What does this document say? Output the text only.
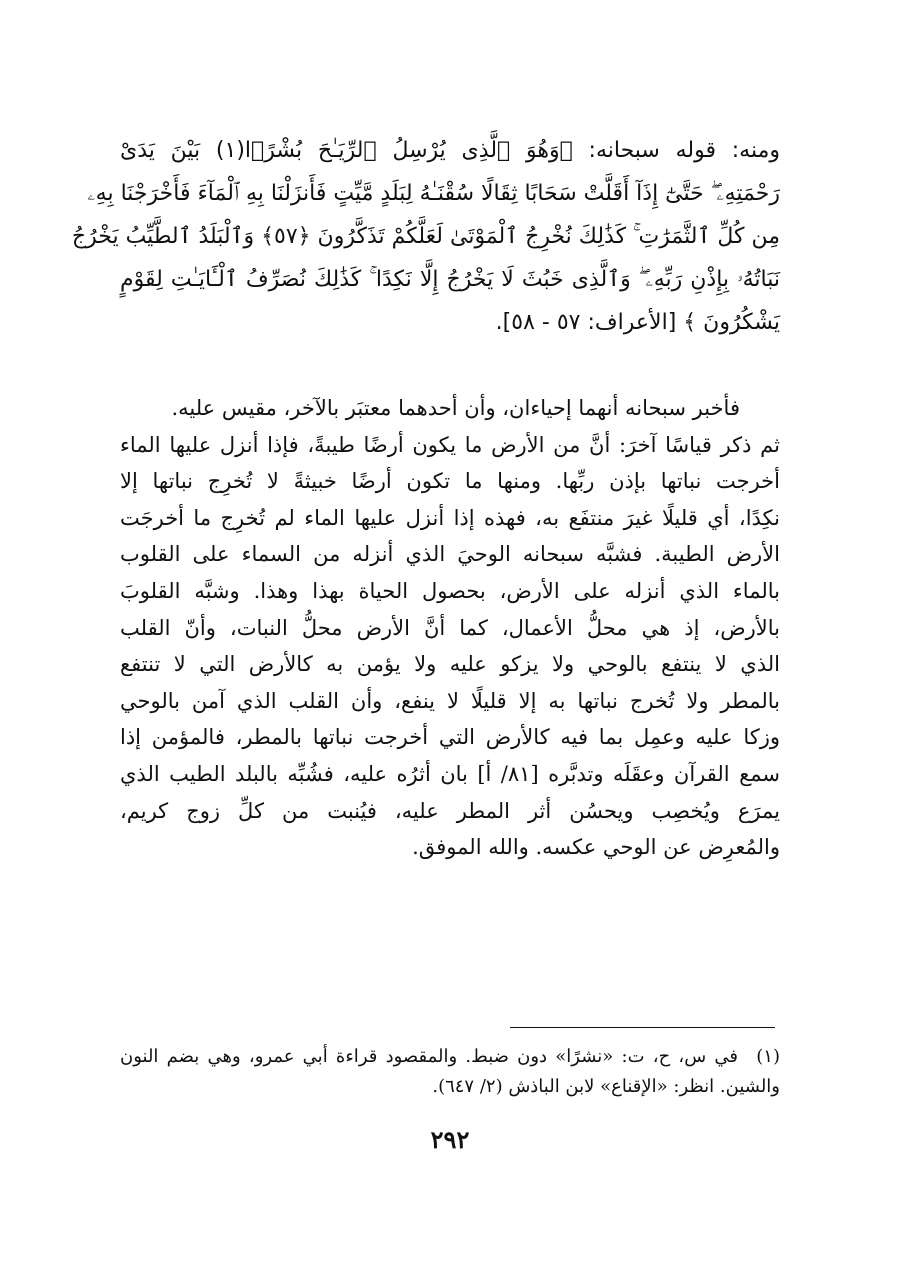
ومنه: قوله سبحانه: ﴿وَهُوَ ٱلَّذِى يُرْسِلُ ٱلرِّيَـٰحَ بُشْرًۢا(١) بَيْنَ يَدَىْ
رَحْمَتِهِۦ ۖ حَتَّىٰٓ إِذَآ أَقَلَّتْ سَحَابًا ثِقَالًا سُقْنَـٰهُ لِبَلَدٍ مَّيِّتٍ فَأَنزَلْنَا بِهِ ٱلْمَآءَ فَأَخْرَجْنَا بِهِۦ
مِن كُلِّ ٱلثَّمَرَٰتِ ۚ كَذَٰلِكَ نُخْرِجُ ٱلْمَوْتَىٰ لَعَلَّكُمْ تَذَكَّرُونَ ﴿٥٧﴾ وَٱلْبَلَدُ ٱلطَّيِّبُ يَخْرُجُ
نَبَاتُهُۥ بِإِذْنِ رَبِّهِۦ ۖ وَٱلَّذِى خَبُثَ لَا يَخْرُجُ إِلَّا نَكِدًا ۚ كَذَٰلِكَ نُصَرِّفُ ٱلْـَٔايَـٰتِ لِقَوْمٍ
يَشْكُرُونَ ﴾ [الأعراف: ٥٧ - ٥٨].
فأخبر سبحانه أنهما إحياءان، وأن أحدهما معتبَر بالآخر، مقيس عليه.
ثم ذكر قياسًا آخرَ: أنَّ من الأرض ما يكون أرضًا طيبةً، فإذا أنزل عليها الماء
أخرجت نباتها بإذن ربِّها. ومنها ما تكون أرضًا خبيثةً لا تُخرِج نباتها إلا
نكِدًا، أي قليلًا غيرَ منتفَع به، فهذه إذا أنزل عليها الماء لم تُخرِج ما أخرجَت
الأرض الطيبة. فشبَّه سبحانه الوحيَ الذي أنزله من السماء على القلوب
بالماء الذي أنزله على الأرض، بحصول الحياة بهذا وهذا. وشبَّه القلوبَ
بالأرض، إذ هي محلُّ الأعمال، كما أنَّ الأرض محلُّ النبات، وأنّ القلب
الذي لا ينتفع بالوحي ولا يزكو عليه ولا يؤمن به كالأرض التي لا تنتفع
بالمطر ولا تُخرج نباتها به إلا قليلًا لا ينفع، وأن القلب الذي آمن بالوحي
وزكا عليه وعمِل بما فيه كالأرض التي أخرجت نباتها بالمطر، فالمؤمن إذا
سمع القرآن وعقَلَه وتدبَّره [٨١/ أ] بان أثرُه عليه، فشُبِّه بالبلد الطيب الذي
يمرَع ويُخصِب ويحسُن أثر المطر عليه، فيُنبت من كلِّ زوج كريم،
والمُعرِض عن الوحي عكسه. والله الموفق.
(١) في س، ح، ت: «نشرًا» دون ضبط. والمقصود قراءة أبي عمرو، وهي بضم النون
والشين. انظر: «الإقناع» لابن الباذش (٢/ ٦٤٧).
٢٩٢
